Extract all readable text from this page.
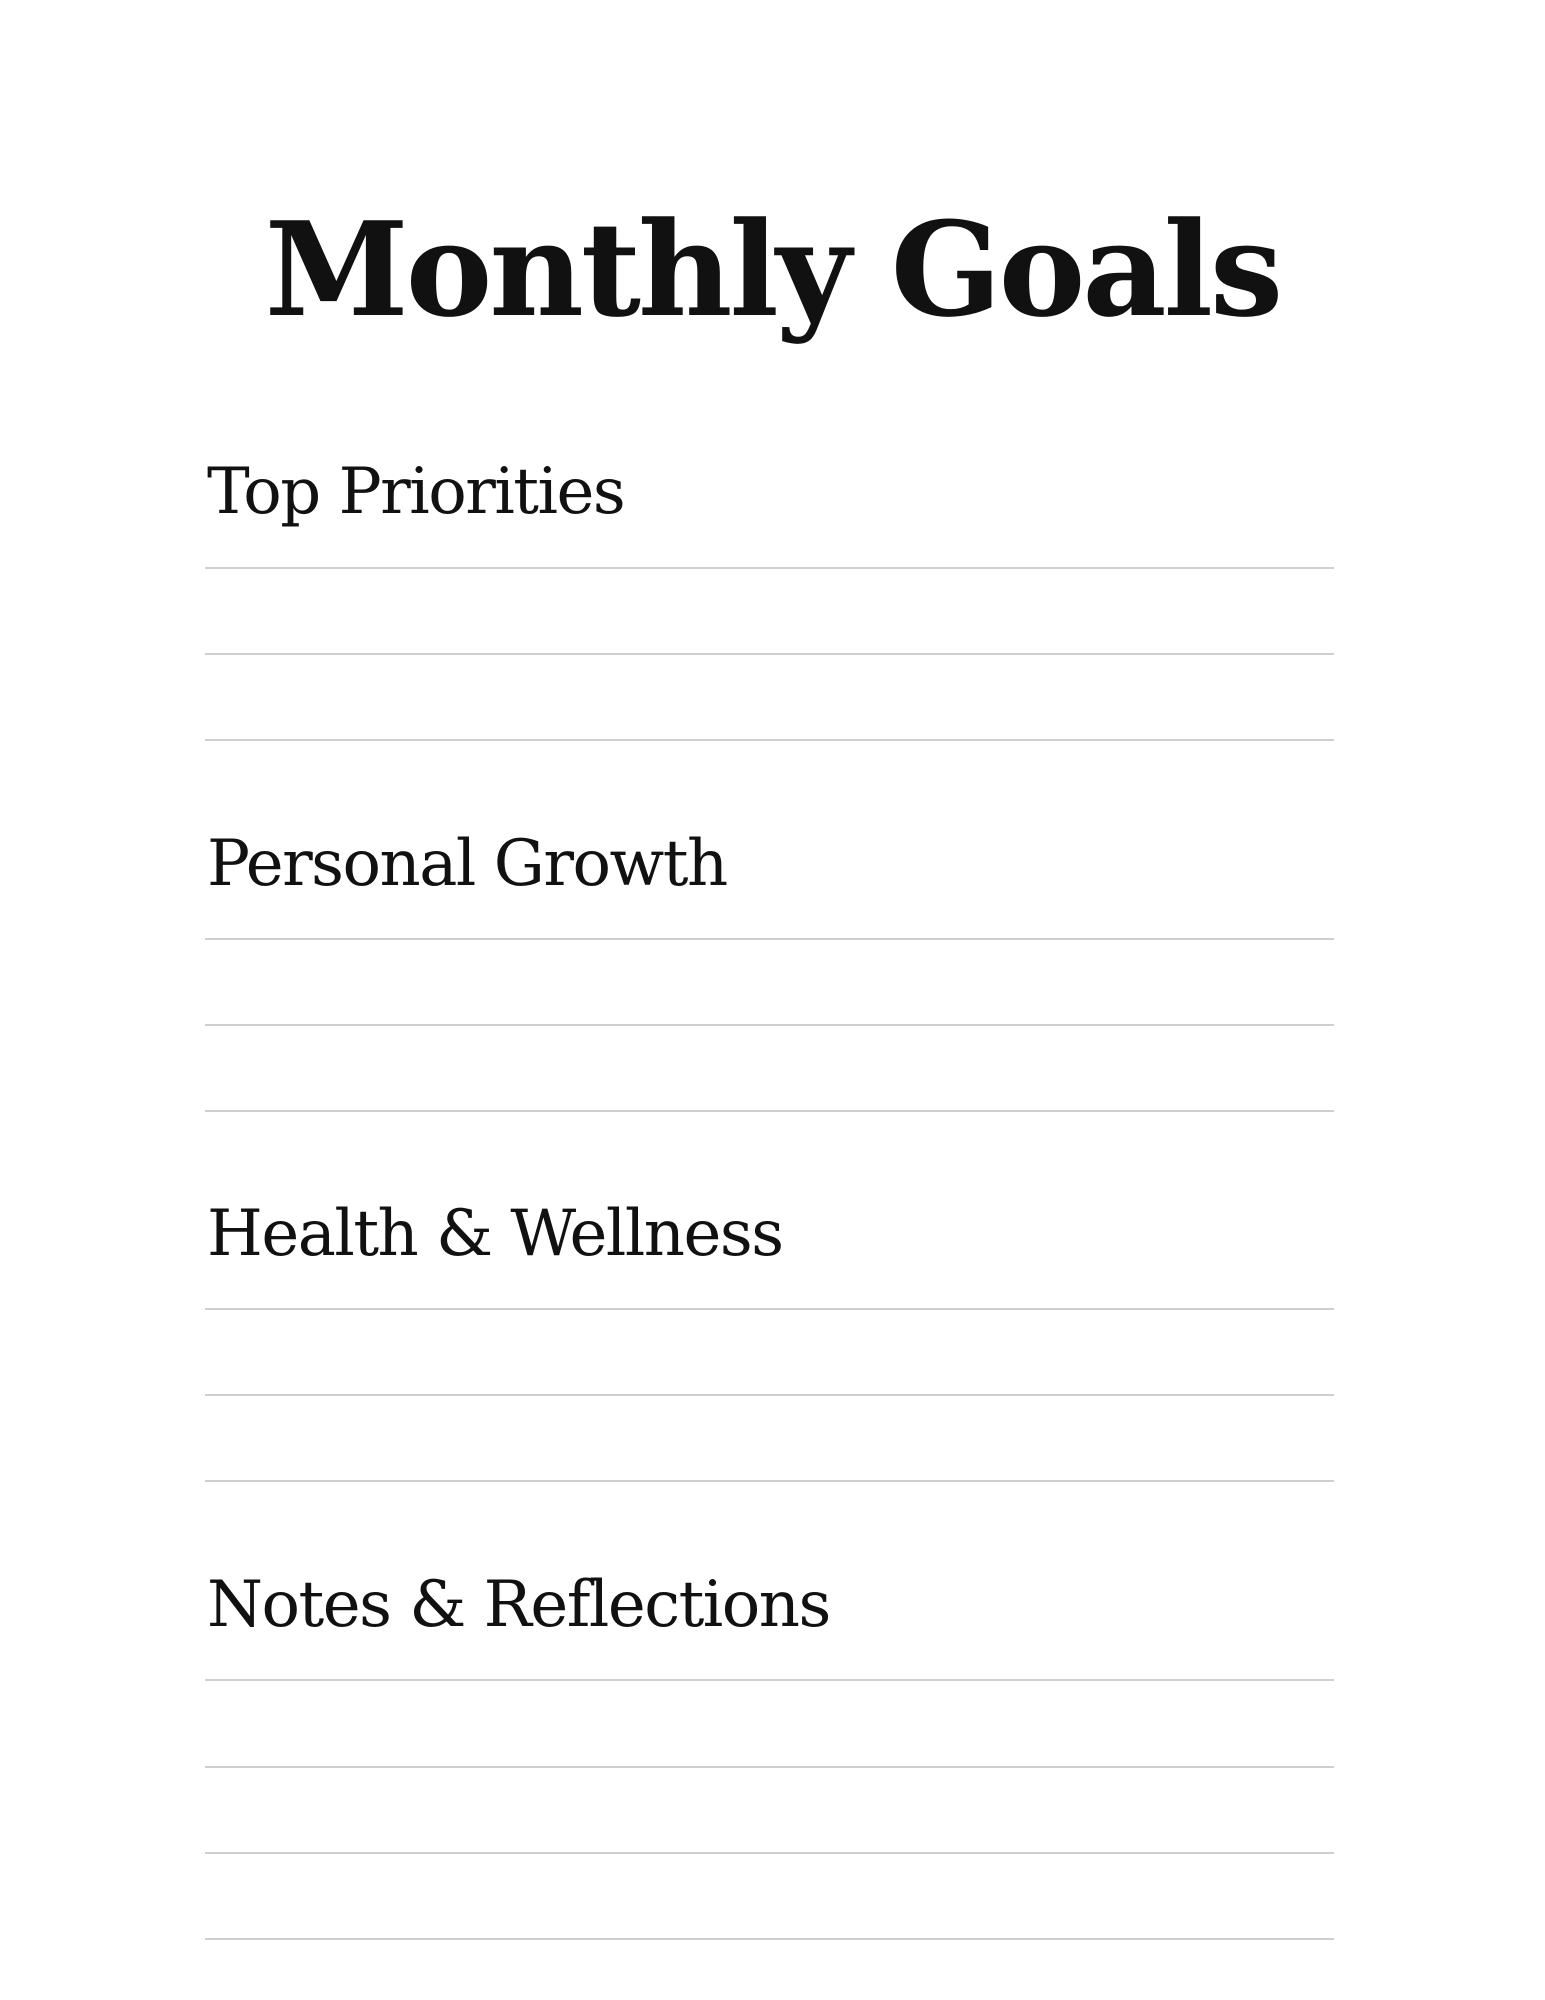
Monthly Goals
Top Priorities
Personal Growth
Health & Wellness
Notes & Reflections
